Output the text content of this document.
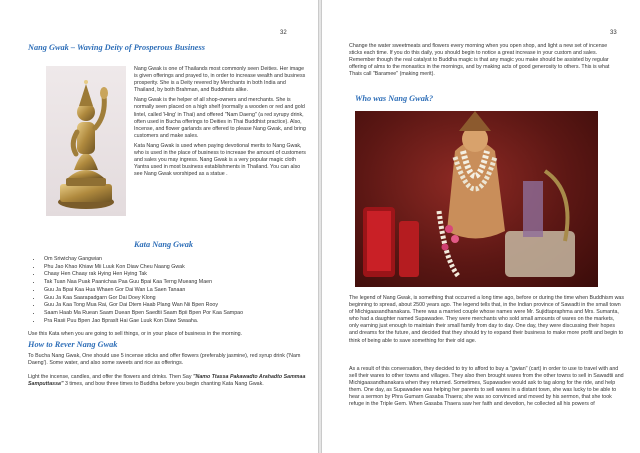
32
Nang Gwak – Waving Deity of Prosperous Business

Nang Gwak is one of Thailands most commonly seen Deities. Her image is given offerings and prayed to, in order to increase wealth and business prosperity. She is a Deity revered by Merchants in both India and Thailand, by both Brahman, and Buddhists alike.

Nang Gwak is the helper of all shop-owners and merchants. She is normally seen placed on a high shelf (normally a wooden or red and gold lintel, called 'Hing' in Thai) and offered "Nam Daeng" (a red syrupy drink, often used in Bucha offerings to Deities in Thai Buddhist practice). Also, Incense, and flower garlands are offered to please Nang Gwak, and bring customers and make sales.

Kata Nang Gwak is used when paying devotional merits to Nang Gwak, who is used in the place of business to increase the amount of customers and sales you may ingress. Nang Gwak is a very popular magic cloth Yantra used in most business establishments in Thailand. You can also see Nang Gwak worshiped as a statue .

Kata Nang Gwak
• Om Sriwichay Gangwian
• Phu Jao Khao Khiaw Mii Luuk Kon Diaw Cheu Naang Gwak
• Chaay Hen Chaay rak Hying Hen Hying Tak
• Tak Tuan Naa Puak Paanichaa Paa Guu Bpai Kaa Terng Mueang Maen
• Guu Ja Bpai Kaa Hua Whaen Gor Dai Wan La Saen Tanaan
• Guu Ja Kaa Saarapadgarn Gor Dai Doey Klong
• Guu Ja Kaa Tong Mua Rai, Gor Dai Dtem Haab Plang Wan Nii Bpen Rooy
• Saam Haab Ma Ruean Saam Duean Bpen Saedtii Saam Bpii Bpen Por Kaa Sampao
• Pra Rasii Puu Bpen Jao Bpraslt Hai Gae Luuk Kon Diaw Swaaha.
Use this Kata when you are going to sell things, or in your place of business in the morning.
How to Rever Nang Gwak
To Bucha Nang Gwak, One should use 5 incense sticks and offer flowers (preferably jasmine), red syrup drink ('Nam Daeng'). Some water, and also some sweets and rice as offerings.
Light the incense, candles, and offer the flowers and drinks. Then Say "Namo Ttassa Pakawadto Arahadto Sammaa Samputtassa" 3 times, and bow three times to Buddha before you begin chanting Kata Nang Gwak.
33
Change the water sweetmeats and flowers every morning when you open shop, and light a new set of incense sticks each time. If you do this daily, you should begin to notice a great increase in your custom and sales. Remember though the real catalyst to Buddha magic is that any magic you make should be assisted by regular offering of alms to the monastics in the mornings, and by making acts of good generosity to others. This is what Thais call "Baramee" (making merit).
Who was Nang Gwak?
The legend of Nang Gwak, is something that occurred a long time ago, before or during the time when Buddhism was beginning to spread, about 2500 years ago. The legend tells that, in the Indian province of Sawadti in the small town of Michigaasandhanakara. There was a married couple whose names were Mr. Sujidtapraphma and Mrs. Sumanta, who had a daughter named Supawadee. They were merchants who sold small amounts of wares on the markets, only earning just enough to maintain their small family from day to day. One day, they were discussing their hopes and dreams for the future, and decided that they should try to expand their business to make more profit and begin to think of being able to save something for their old age.
As a result of this conversation, they decided to try to afford to buy a "gwian" (cart) in order to use to travel with and sell their wares to other towns and villages. They also then brought wares from the other towns to sell in Sawadtii and Michigaasandhanakara when they returned. Sometimes, Supawadee would ask to tag along for the ride, and help them. One day, as Supawadee was helping her parents to sell wares in a distant town, she was lucky to be able to hear a sermon by Phra Gumarn Gasaba Thaera; she was so convinced and moved by his sermon, that she took refuge in the Triple Gem. When Gasaba Thaera saw her faith and devotion, he collected all his powers of
